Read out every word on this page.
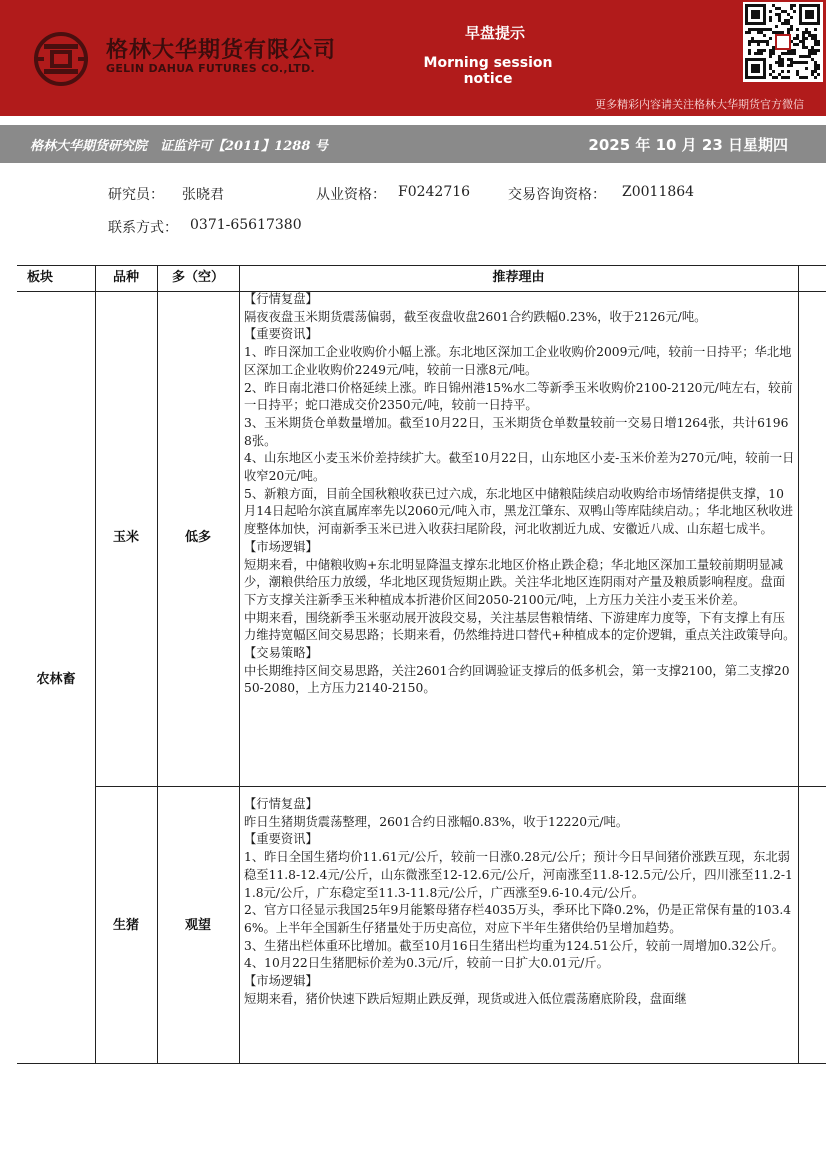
格林大华期货有限公司
GELIN DAHUA FUTURES CO.,LTD.
早盘提示
Morning session notice
更多精彩内容请关注格林大华期货官方微信
格林大华期货研究院　证监许可【2011】1288 号	2025 年 10 月 23 日星期四
研究员： 张晓君	从业资格： F0242716	交易咨询资格： Z0011864
联系方式： 0371-65617380
板块	品种	多（空）	推荐理由
农林畜
玉米	低多

【行情复盘】

隔夜夜盘玉米期货震荡偏弱，截至夜盘收盘2601合约跌幅0.23%，收于2126元/吨。

【重要资讯】

1、昨日深加工企业收购价小幅上涨。东北地区深加工企业收购价2009元/吨，较前一日持平；华北地区深加工企业收购价2249元/吨，较前一日涨8元/吨。

2、昨日南北港口价格延续上涨。昨日锦州港15%水二等新季玉米收购价2100-2120元/吨左右，较前一日持平；蛇口港成交价2350元/吨，较前一日持平。

3、玉米期货仓单数量增加。截至10月22日，玉米期货仓单数量较前一交易日增1264张，共计61968张。

4、山东地区小麦玉米价差持续扩大。截至10月22日，山东地区小麦-玉米价差为270元/吨，较前一日收窄20元/吨。

5、新粮方面，目前全国秋粮收获已过六成，东北地区中储粮陆续启动收购给市场情绪提供支撑，10月14日起哈尔滨直属库率先以2060元/吨入市，黑龙江肇东、双鸭山等库陆续启动。；华北地区秋收进度整体加快，河南新季玉米已进入收获扫尾阶段，河北收割近九成、安徽近八成、山东超七成半。

【市场逻辑】

短期来看，中储粮收购+东北明显降温支撑东北地区价格止跌企稳；华北地区深加工量较前期明显减少，潮粮供给压力放缓，华北地区现货短期止跌。关注华北地区连阴雨对产量及粮质影响程度。盘面下方支撑关注新季玉米种植成本折港价区间2050-2100元/吨，上方压力关注小麦玉米价差。

中期来看，围绕新季玉米驱动展开波段交易，关注基层售粮情绪、下游建库力度等，下有支撑上有压力维持宽幅区间交易思路；长期来看，仍然维持进口替代+种植成本的定价逻辑，重点关注政策导向。

【交易策略】

中长期维持区间交易思路，关注2601合约回调验证支撑后的低多机会，第一支撑2100，第二支撑2050-2080，上方压力2140-2150。

生猪	观望

【行情复盘】

昨日生猪期货震荡整理，2601合约日涨幅0.83%，收于12220元/吨。

【重要资讯】

1、昨日全国生猪均价11.61元/公斤，较前一日涨0.28元/公斤；预计今日早间猪价涨跌互现，东北弱稳至11.8-12.4元/公斤，山东微涨至12-12.6元/公斤，河南涨至11.8-12.5元/公斤，四川涨至11.2-11.8元/公斤，广东稳定至11.3-11.8元/公斤，广西涨至9.6-10.4元/公斤。

2、官方口径显示我国25年9月能繁母猪存栏4035万头，季环比下降0.2%，仍是正常保有量的103.46%。上半年全国新生仔猪量处于历史高位，对应下半年生猪供给仍呈增加趋势。

3、生猪出栏体重环比增加。截至10月16日生猪出栏均重为124.51公斤，较前一周增加0.32公斤。

4、10月22日生猪肥标价差为0.3元/斤，较前一日扩大0.01元/斤。

【市场逻辑】

短期来看，猪价快速下跌后短期止跌反弹，现货或进入低位震荡磨底阶段，盘面继
